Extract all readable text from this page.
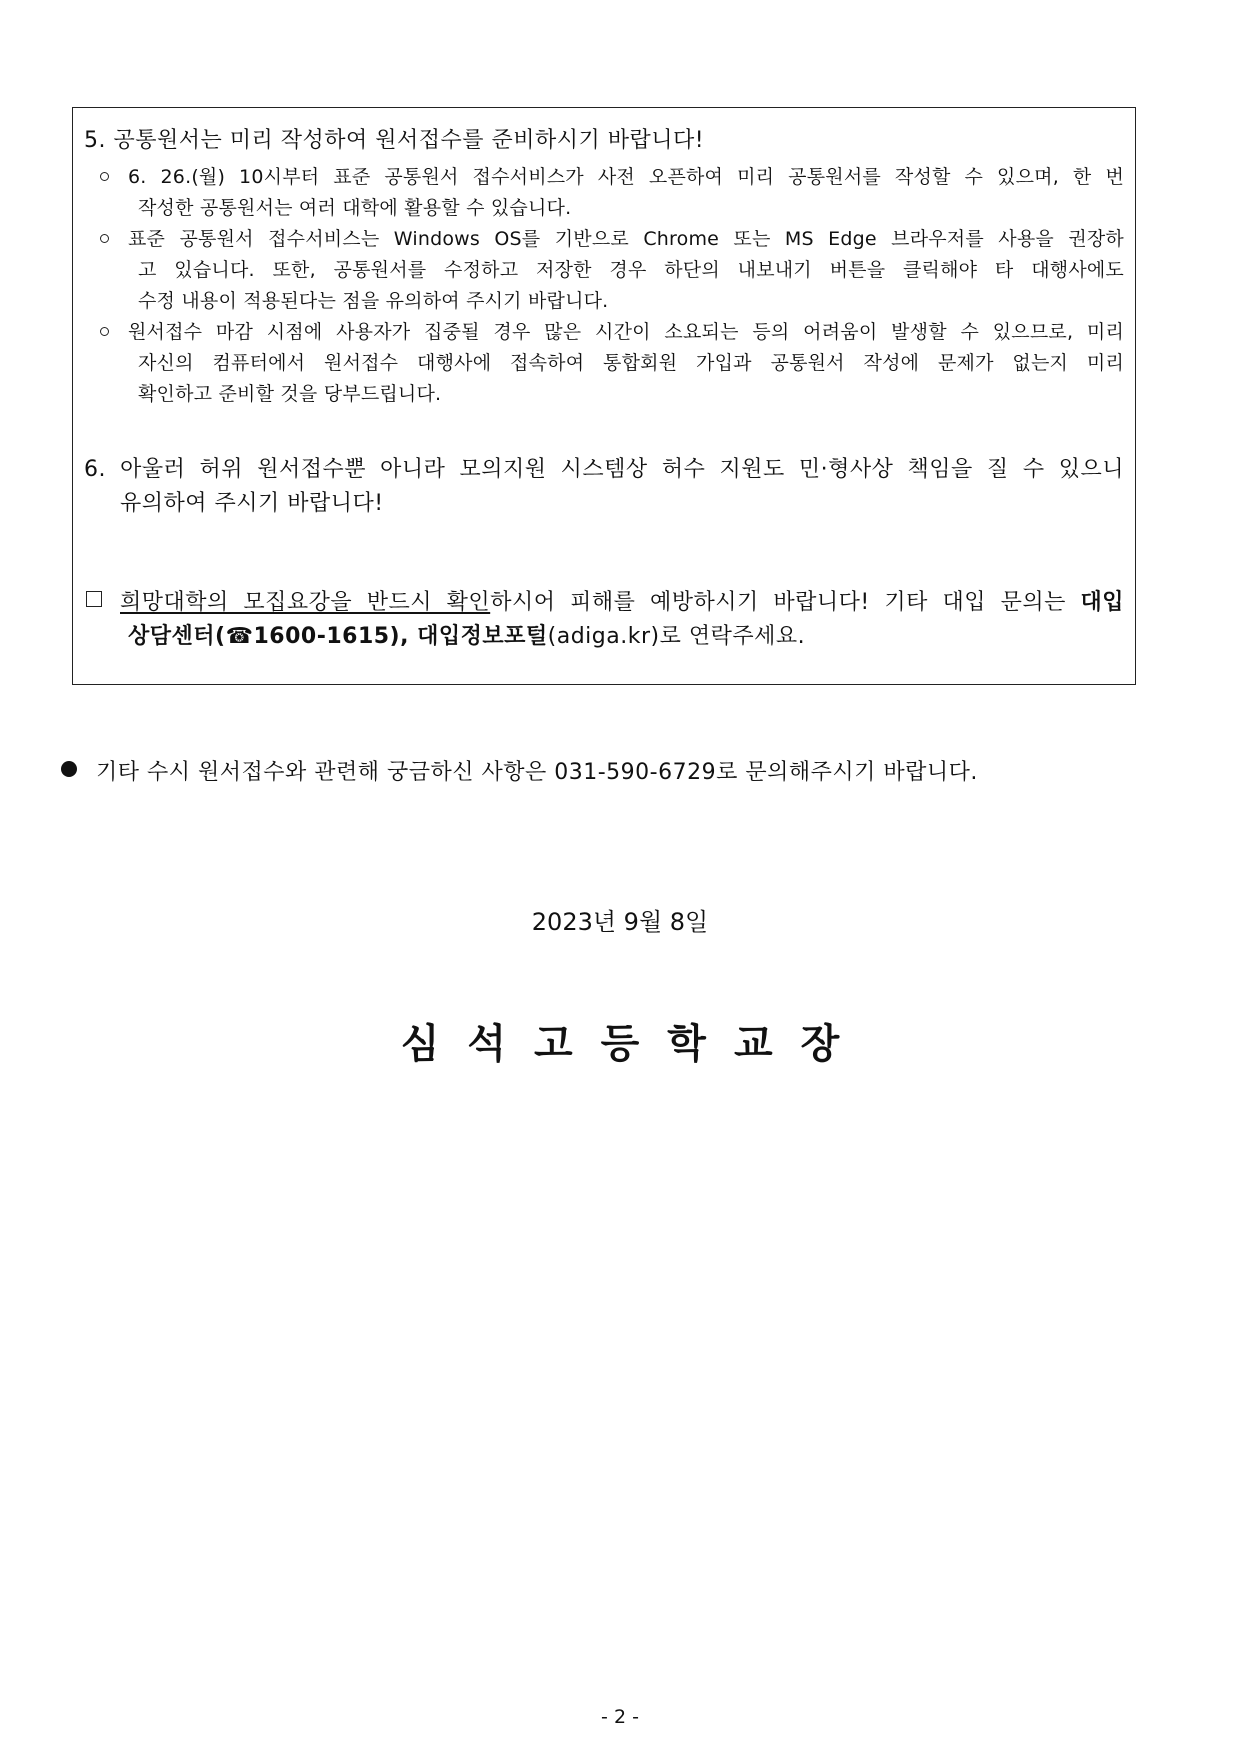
5. 공통원서는 미리 작성하여 원서접수를 준비하시기 바랍니다!
6. 26.(월) 10시부터 표준 공통원서 접수서비스가 사전 오픈하여 미리 공통원서를 작성할 수 있으며, 한 번
작성한 공통원서는 여러 대학에 활용할 수 있습니다.
표준 공통원서 접수서비스는 Windows OS를 기반으로 Chrome 또는 MS Edge 브라우저를 사용을 권장하
고 있습니다. 또한, 공통원서를 수정하고 저장한 경우 하단의 내보내기 버튼을 클릭해야 타 대행사에도
수정 내용이 적용된다는 점을 유의하여 주시기 바랍니다.
원서접수 마감 시점에 사용자가 집중될 경우 많은 시간이 소요되는 등의 어려움이 발생할 수 있으므로, 미리
자신의 컴퓨터에서 원서접수 대행사에 접속하여 통합회원 가입과 공통원서 작성에 문제가 없는지 미리
확인하고 준비할 것을 당부드립니다.
6. 아울러 허위 원서접수뿐 아니라 모의지원 시스템상 허수 지원도 민·형사상 책임을 질 수 있으니
유의하여 주시기 바랍니다!
희망대학의 모집요강을 반드시 확인하시어 피해를 예방하시기 바랍니다! 기타 대입 문의는 대입
상담센터(☎1600-1615), 대입정보포털(adiga.kr)로 연락주세요.
기타 수시 원서접수와 관련해 궁금하신 사항은 031-590-6729로 문의해주시기 바랍니다.
2023년 9월 8일
심석고등학교장
- 2 -
